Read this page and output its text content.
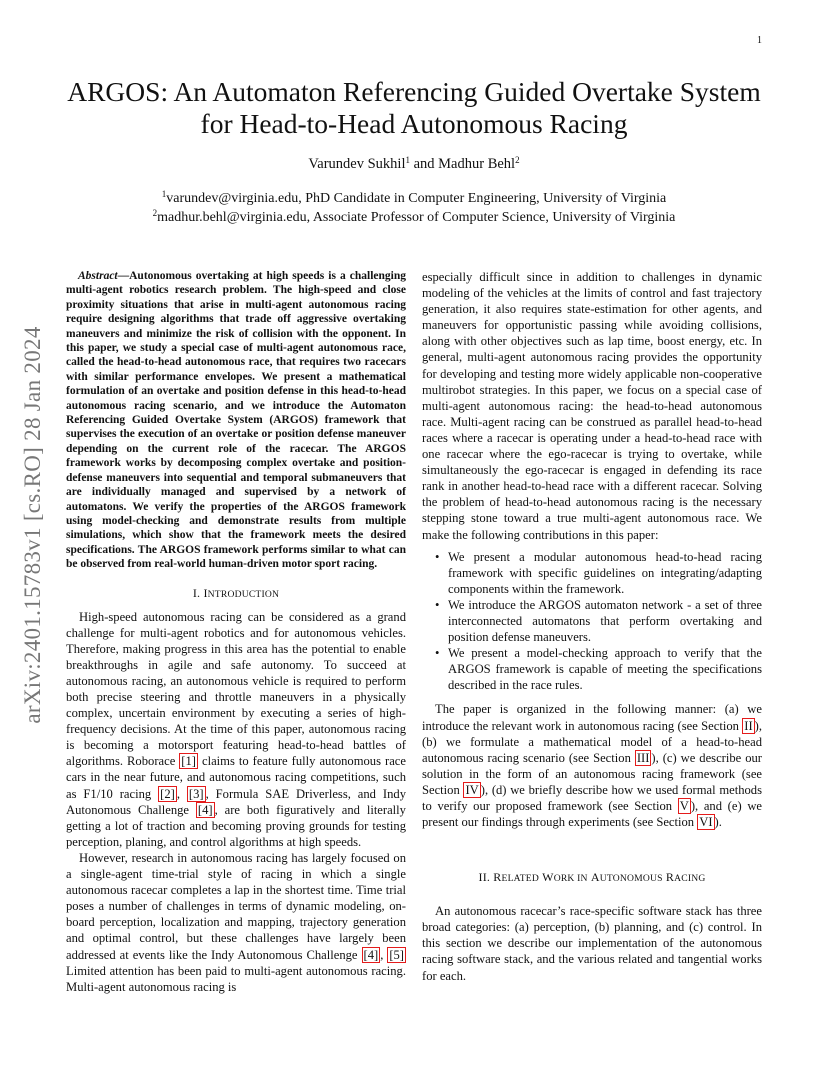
1
arXiv:2401.15783v1 [cs.RO] 28 Jan 2024
ARGOS: An Automaton Referencing Guided Overtake System
for Head-to-Head Autonomous Racing
Varundev Sukhil$^1$ and Madhur Behl$^2$
$^1$varundev@virginia.edu, PhD Candidate in Computer Engineering, University of Virginia
$^2$madhur.behl@virginia.edu, Associate Professor of Computer Science, University of Virginia

Abstract—Autonomous overtaking at high speeds is a challenging multi-agent robotics research problem. The high-speed and close proximity situations that arise in multi-agent autonomous racing require designing algorithms that trade off aggressive overtaking maneuvers and minimize the risk of collision with the opponent. In this paper, we study a special case of multi-agent autonomous race, called the head-to-head autonomous race, that requires two racecars with similar performance envelopes. We present a mathematical formulation of an overtake and position defense in this head-to-head autonomous racing scenario, and we introduce the Automaton Referencing Guided Overtake System (ARGOS) framework that supervises the execution of an overtake or position defense maneuver depending on the current role of the racecar. The ARGOS framework works by decomposing complex overtake and position-defense maneuvers into sequential and temporal submaneuvers that are individually managed and supervised by a network of automatons. We verify the properties of the ARGOS framework using model-checking and demonstrate results from multiple simulations, which show that the framework meets the desired specifications. The ARGOS framework performs similar to what can be observed from real-world human-driven motor sport racing.

I. INTRODUCTION

High-speed autonomous racing can be considered as a grand challenge for multi-agent robotics and for autonomous vehicles. Therefore, making progress in this area has the potential to enable breakthroughs in agile and safe autonomy. To succeed at autonomous racing, an autonomous vehicle is required to perform both precise steering and throttle maneuvers in a physically complex, uncertain environment by executing a series of high-frequency decisions. At the time of this paper, autonomous racing is becoming a motorsport featuring head-to-head battles of algorithms. Roborace [1] claims to feature fully autonomous race cars in the near future, and autonomous racing competitions, such as F1/10 racing [2] , [3] , Formula SAE Driverless, and Indy Autonomous Challenge [4] , are both figuratively and literally getting a lot of traction and becoming proving grounds for testing perception, planing, and control algorithms at high speeds.

However, research in autonomous racing has largely focused on a single-agent time-trial style of racing in which a single autonomous racecar completes a lap in the shortest time. Time trial poses a number of challenges in terms of dynamic modeling, on-board perception, localization and mapping, trajectory generation and optimal control, but these challenges have largely been addressed at events like the Indy Autonomous Challenge [4] , [5] Limited attention has been paid to multi-agent autonomous racing. Multi-agent autonomous racing is

especially difficult since in addition to challenges in dynamic modeling of the vehicles at the limits of control and fast trajectory generation, it also requires state-estimation for other agents, and maneuvers for opportunistic passing while avoiding collisions, along with other objectives such as lap time, boost energy, etc. In general, multi-agent autonomous racing provides the opportunity for developing and testing more widely applicable non-cooperative multirobot strategies. In this paper, we focus on a special case of multi-agent autonomous racing: the head-to-head autonomous race. Multi-agent racing can be construed as parallel head-to-head races where a racecar is operating under a head-to-head race with one racecar where the ego-racecar is trying to overtake, while simultaneously the ego-racecar is engaged in defending its race rank in another head-to-head race with a different racecar. Solving the problem of head-to-head autonomous racing is the necessary stepping stone toward a true multi-agent autonomous race. We make the following contributions in this paper:

• We present a modular autonomous head-to-head racing framework with specific guidelines on integrating/adapting components within the framework.
• We introduce the ARGOS automaton network - a set of three interconnected automatons that perform overtaking and position defense maneuvers.
• We present a model-checking approach to verify that the ARGOS framework is capable of meeting the specifications described in the race rules.

The paper is organized in the following manner: (a) we introduce the relevant work in autonomous racing (see Section II ), (b) we formulate a mathematical model of a head-to-head autonomous racing scenario (see Section III ), (c) we describe our solution in the form of an autonomous racing framework (see Section IV ), (d) we briefly describe how we used formal methods to verify our proposed framework (see Section V ), and (e) we present our findings through experiments (see Section VI ).

II. RELATED WORK IN AUTONOMOUS RACING

An autonomous racecar’s race-specific software stack has three broad categories: (a) perception, (b) planning, and (c) control. In this section we describe our implementation of the autonomous racing software stack, and the various related and tangential works for each.
